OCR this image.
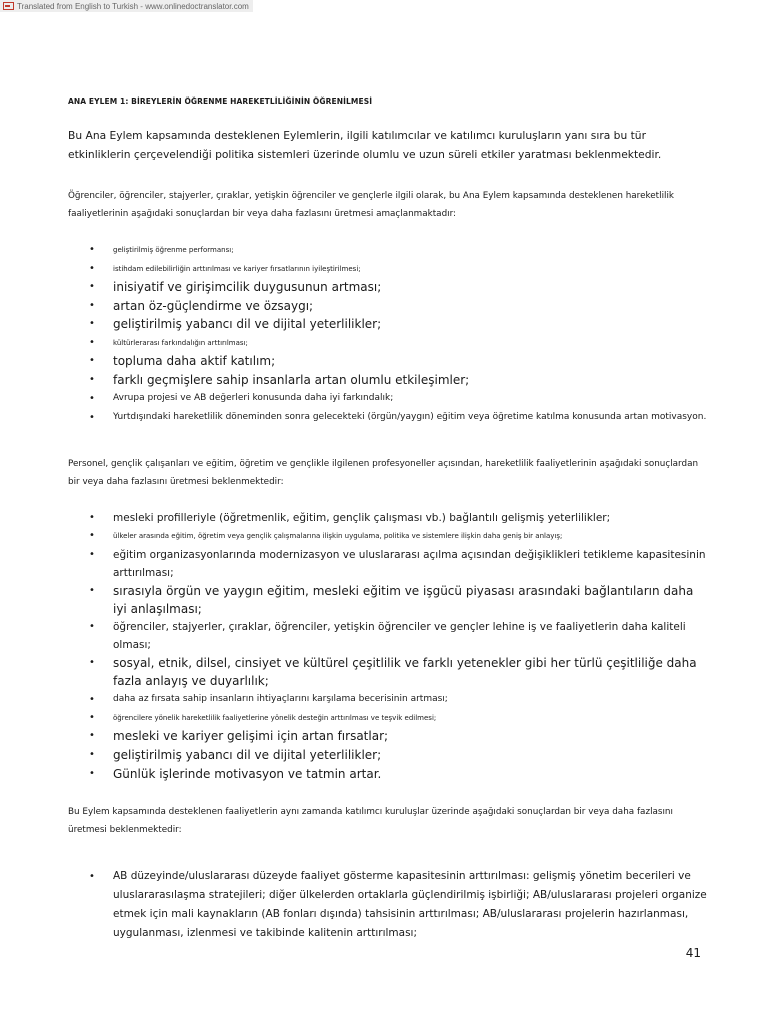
Translated from English to Turkish - www.onlinedoctranslator.com
ANA EYLEM 1: BİREYLERİN ÖĞRENME HAREKETLİLİĞİNİN ÖĞRENİLMESİ

Bu Ana Eylem kapsamında desteklenen Eylemlerin, ilgili katılımcılar ve katılımcı kuruluşların yanı sıra bu tür etkinliklerin çerçevelendiği politika sistemleri üzerinde olumlu ve uzun süreli etkiler yaratması beklenmektedir.

Öğrenciler, öğrenciler, stajyerler, çıraklar, yetişkin öğrenciler ve gençlerle ilgili olarak, bu Ana Eylem kapsamında desteklenen hareketlilik faaliyetlerinin aşağıdaki sonuçlardan bir veya daha fazlasını üretmesi amaçlanmaktadır:

• geliştirilmiş öğrenme performansı;
• istihdam edilebilirliğin arttırılması ve kariyer fırsatlarının iyileştirilmesi;
• inisiyatif ve girişimcilik duygusunun artması;
• artan öz-güçlendirme ve özsaygı;
• geliştirilmiş yabancı dil ve dijital yeterlilikler;
• kültürlerarası farkındalığın arttırılması;
• topluma daha aktif katılım;
• farklı geçmişlere sahip insanlarla artan olumlu etkileşimler;
• Avrupa projesi ve AB değerleri konusunda daha iyi farkındalık;
• Yurtdışındaki hareketlilik döneminden sonra gelecekteki (örgün/yaygın) eğitim veya öğretime katılma konusunda artan motivasyon.

Personel, gençlik çalışanları ve eğitim, öğretim ve gençlikle ilgilenen profesyoneller açısından, hareketlilik faaliyetlerinin aşağıdaki sonuçlardan bir veya daha fazlasını üretmesi beklenmektedir:

• mesleki profilleriyle (öğretmenlik, eğitim, gençlik çalışması vb.) bağlantılı gelişmiş yeterlilikler;
• ülkeler arasında eğitim, öğretim veya gençlik çalışmalarına ilişkin uygulama, politika ve sistemlere ilişkin daha geniş bir anlayış;
• eğitim organizasyonlarında modernizasyon ve uluslararası açılma açısından değişiklikleri tetikleme kapasitesinin arttırılması;
• sırasıyla örgün ve yaygın eğitim, mesleki eğitim ve işgücü piyasası arasındaki bağlantıların daha iyi anlaşılması;
• öğrenciler, stajyerler, çıraklar, öğrenciler, yetişkin öğrenciler ve gençler lehine iş ve faaliyetlerin daha kaliteli olması;
• sosyal, etnik, dilsel, cinsiyet ve kültürel çeşitlilik ve farklı yetenekler gibi her türlü çeşitliliğe daha fazla anlayış ve duyarlılık;
• daha az fırsata sahip insanların ihtiyaçlarını karşılama becerisinin artması;
• öğrencilere yönelik hareketlilik faaliyetlerine yönelik desteğin arttırılması ve teşvik edilmesi;
• mesleki ve kariyer gelişimi için artan fırsatlar;
• geliştirilmiş yabancı dil ve dijital yeterlilikler;
• Günlük işlerinde motivasyon ve tatmin artar.

Bu Eylem kapsamında desteklenen faaliyetlerin aynı zamanda katılımcı kuruluşlar üzerinde aşağıdaki sonuçlardan bir veya daha fazlasını üretmesi beklenmektedir:

• AB düzeyinde/uluslararası düzeyde faaliyet gösterme kapasitesinin arttırılması: gelişmiş yönetim becerileri ve uluslararasılaşma stratejileri; diğer ülkelerden ortaklarla güçlendirilmiş işbirliği; AB/uluslararası projeleri organize etmek için mali kaynakların (AB fonları dışında) tahsisinin arttırılması; AB/uluslararası projelerin hazırlanması, uygulanması, izlenmesi ve takibinde kalitenin arttırılması;
41
